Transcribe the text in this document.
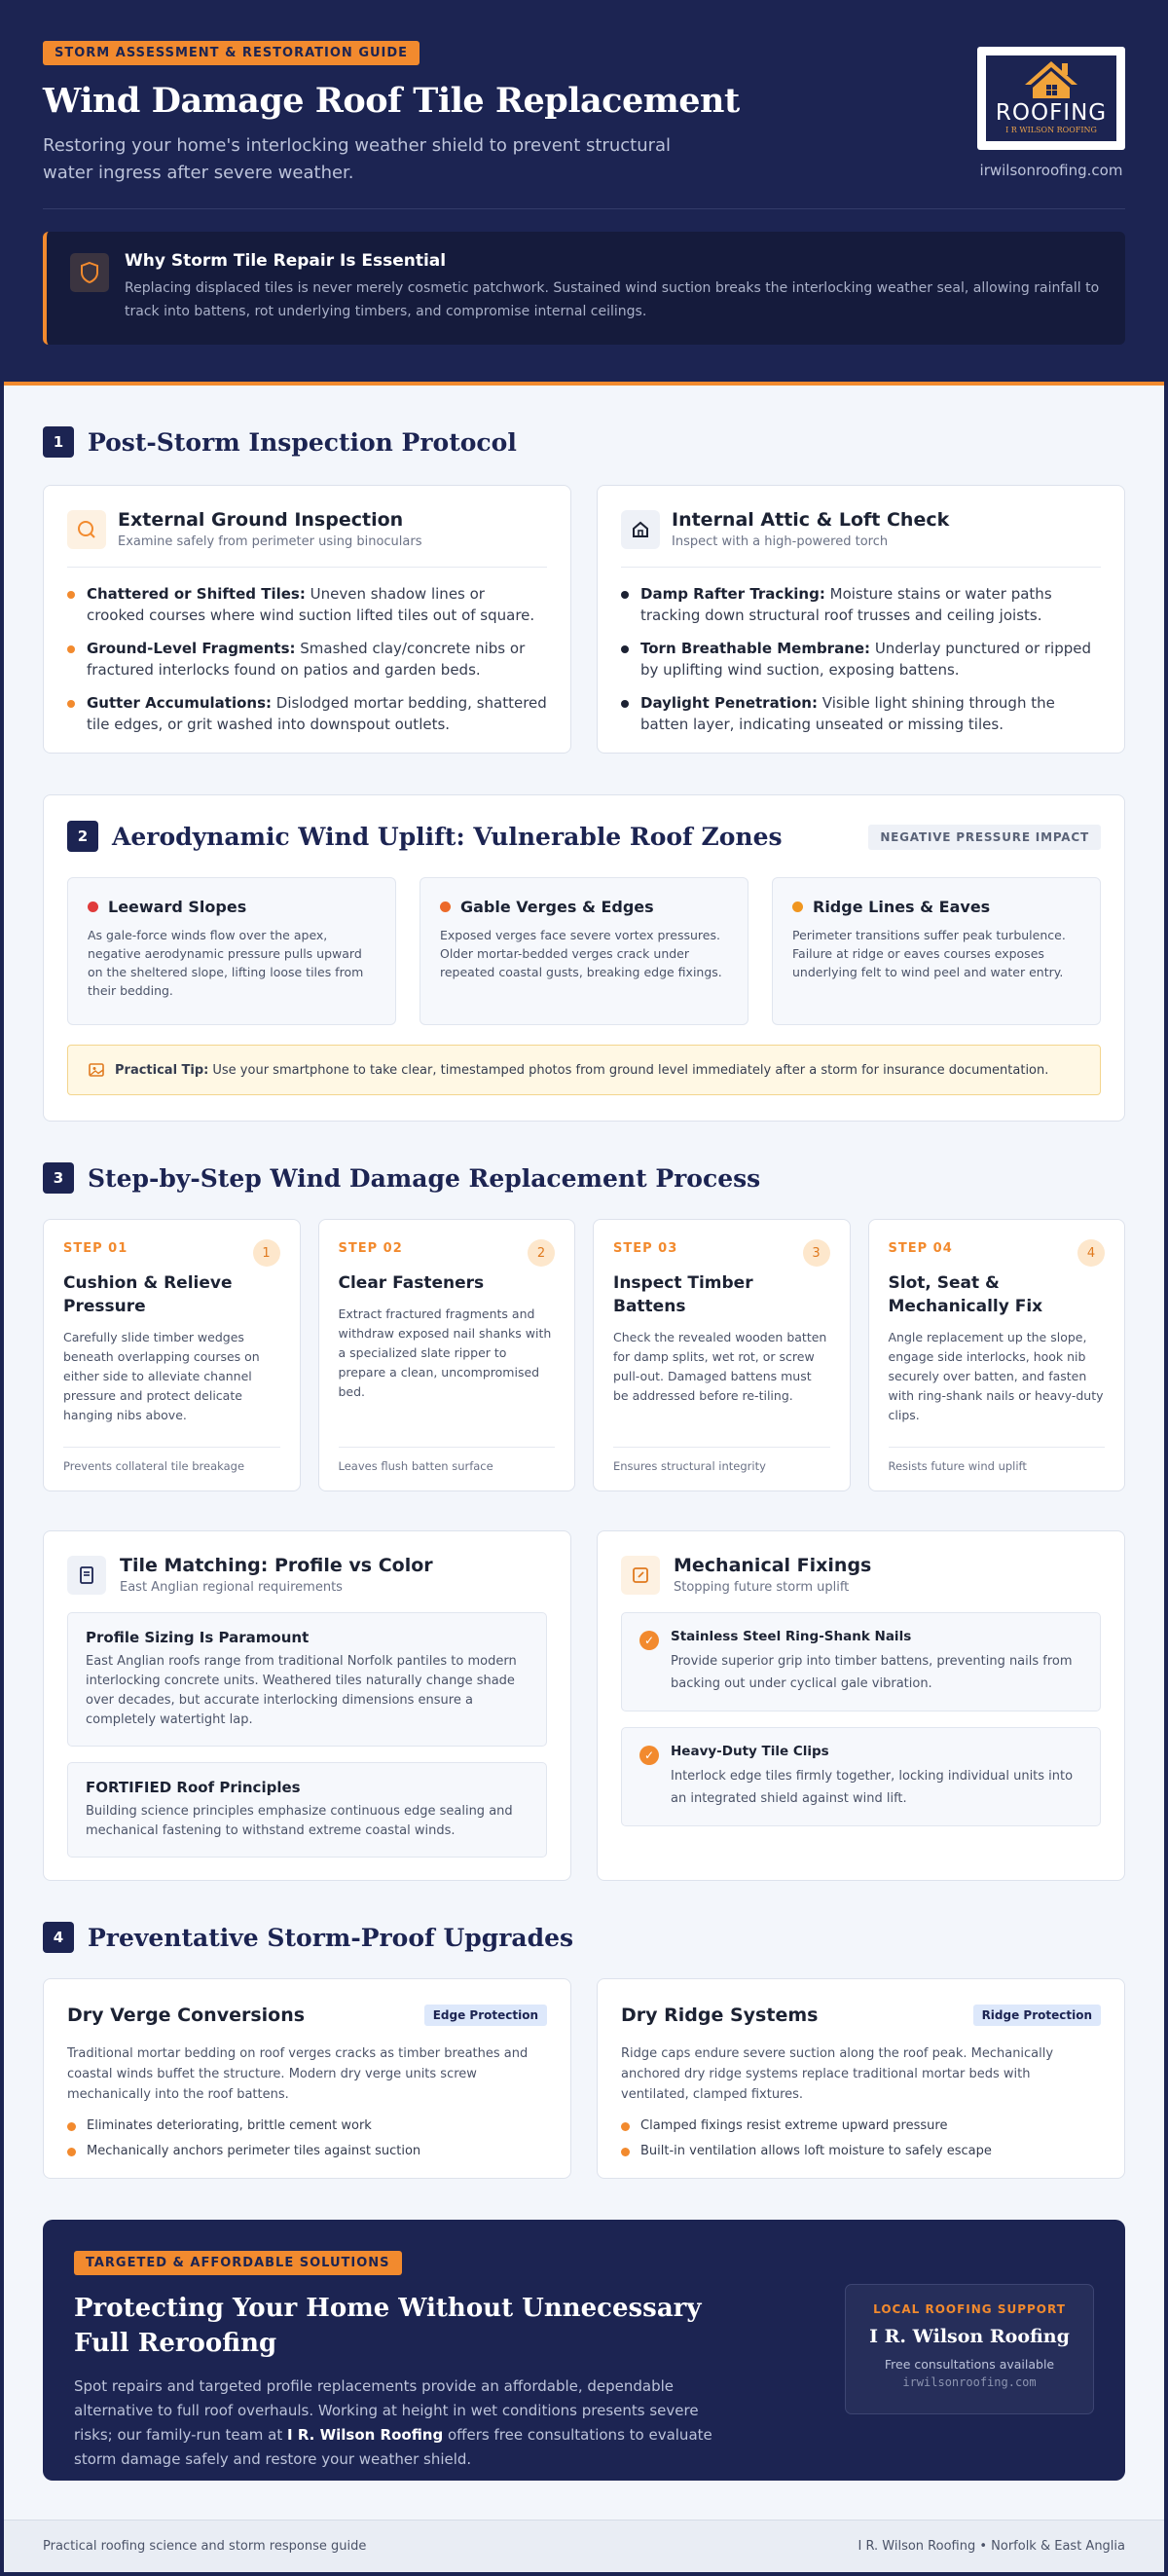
STORM ASSESSMENT & RESTORATION GUIDE
Wind Damage Roof Tile Replacement

Restoring your home's interlocking weather shield to prevent structural water ingress after severe weather.

ROOFING
I R WILSON ROOFING
irwilsonroofing.com
Why Storm Tile Repair Is Essential

Replacing displaced tiles is never merely cosmetic patchwork. Sustained wind suction breaks the interlocking weather seal, allowing rainfall to track into battens, rot underlying timbers, and compromise internal ceilings.

1 Post-Storm Inspection Protocol
External Ground Inspection
Examine safely from perimeter using binoculars
Chattered or Shifted Tiles: Uneven shadow lines or crooked courses where wind suction lifted tiles out of square.
Ground-Level Fragments: Smashed clay/concrete nibs or fractured interlocks found on patios and garden beds.
Gutter Accumulations: Dislodged mortar bedding, shattered tile edges, or grit washed into downspout outlets.
Internal Attic & Loft Check
Inspect with a high-powered torch
Damp Rafter Tracking: Moisture stains or water paths tracking down structural roof trusses and ceiling joists.
Torn Breathable Membrane: Underlay punctured or ripped by uplifting wind suction, exposing battens.
Daylight Penetration: Visible light shining through the batten layer, indicating unseated or missing tiles.
2 Aerodynamic Wind Uplift: Vulnerable Roof Zones	NEGATIVE PRESSURE IMPACT
Leeward Slopes

As gale-force winds flow over the apex, negative aerodynamic pressure pulls upward on the sheltered slope, lifting loose tiles from their bedding.

Gable Verges & Edges

Exposed verges face severe vortex pressures. Older mortar-bedded verges crack under repeated coastal gusts, breaking edge fixings.

Ridge Lines & Eaves

Perimeter transitions suffer peak turbulence. Failure at ridge or eaves courses exposes underlying felt to wind peel and water entry.

Practical Tip: Use your smartphone to take clear, timestamped photos from ground level immediately after a storm for insurance documentation.
3 Step-by-Step Wind Damage Replacement Process
STEP 01	1
Cushion & Relieve Pressure

Carefully slide timber wedges beneath overlapping courses on either side to alleviate channel pressure and protect delicate hanging nibs above.

Prevents collateral tile breakage
STEP 02	2
Clear Fasteners

Extract fractured fragments and withdraw exposed nail shanks with a specialized slate ripper to prepare a clean, uncompromised bed.

Leaves flush batten surface
STEP 03	3
Inspect Timber Battens

Check the revealed wooden batten for damp splits, wet rot, or screw pull-out. Damaged battens must be addressed before re-tiling.

Ensures structural integrity
STEP 04	4
Slot, Seat & Mechanically Fix

Angle replacement up the slope, engage side interlocks, hook nib securely over batten, and fasten with ring-shank nails or heavy-duty clips.

Resists future wind uplift
Tile Matching: Profile vs Color
East Anglian regional requirements
Profile Sizing Is Paramount

East Anglian roofs range from traditional Norfolk pantiles to modern interlocking concrete units. Weathered tiles naturally change shade over decades, but accurate interlocking dimensions ensure a completely watertight lap.

FORTIFIED Roof Principles

Building science principles emphasize continuous edge sealing and mechanical fastening to withstand extreme coastal winds.

Mechanical Fixings
Stopping future storm uplift
✓	Stainless Steel Ring-Shank Nails

Provide superior grip into timber battens, preventing nails from backing out under cyclical gale vibration.

✓	Heavy-Duty Tile Clips

Interlock edge tiles firmly together, locking individual units into an integrated shield against wind lift.

4 Preventative Storm-Proof Upgrades
Dry Verge Conversions	Edge Protection

Traditional mortar bedding on roof verges cracks as timber breathes and coastal winds buffet the structure. Modern dry verge units screw mechanically into the roof battens.

Eliminates deteriorating, brittle cement work
Mechanically anchors perimeter tiles against suction
Dry Ridge Systems	Ridge Protection

Ridge caps endure severe suction along the roof peak. Mechanically anchored dry ridge systems replace traditional mortar beds with ventilated, clamped fixtures.

Clamped fixings resist extreme upward pressure
Built-in ventilation allows loft moisture to safely escape
TARGETED & AFFORDABLE SOLUTIONS
Protecting Your Home Without Unnecessary Full Reroofing

Spot repairs and targeted profile replacements provide an affordable, dependable alternative to full roof overhauls. Working at height in wet conditions presents severe risks; our family-run team at I R. Wilson Roofing offers free consultations to evaluate storm damage safely and restore your weather shield.

LOCAL ROOFING SUPPORT
I R. Wilson Roofing
Free consultations available
irwilsonroofing.com
Practical roofing science and storm response guide	I R. Wilson Roofing • Norfolk & East Anglia
